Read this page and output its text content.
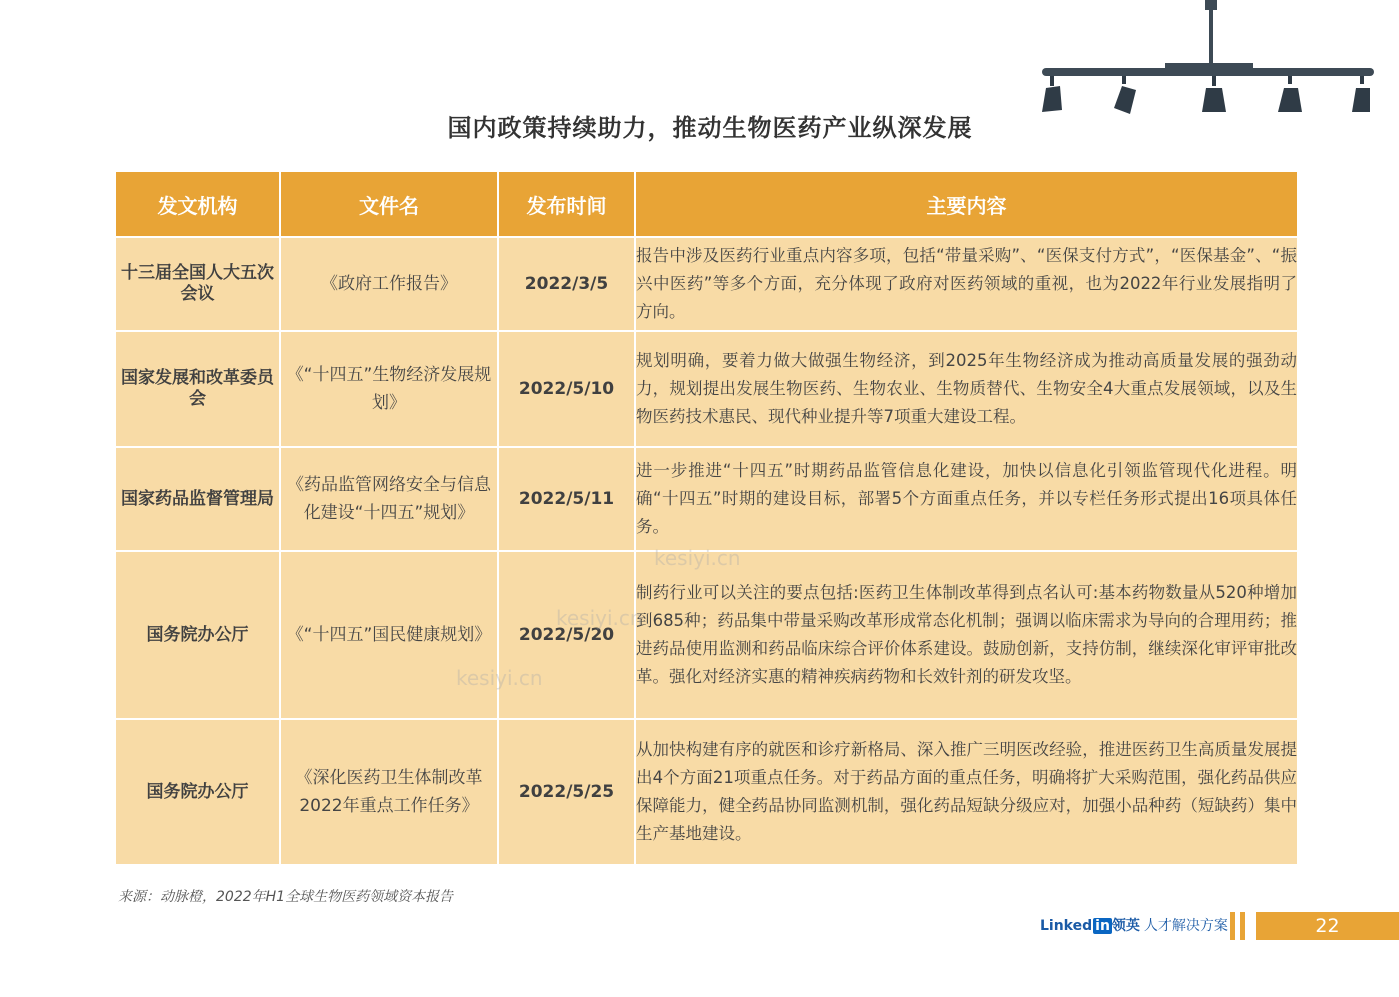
国内政策持续助力，推动生物医药产业纵深发展
发文机构	文件名	发布时间	主要内容
十三届全国人大五次会议	《政府工作报告》	2022/3/5	报告中涉及医药行业重点内容多项，包括“带量采购”、“医保支付方式”，“医保基金”、“振兴中医药”等多个方面，充分体现了政府对医药领域的重视，也为2022年行业发展指明了方向。
国家发展和改革委员会	《“十四五”生物经济发展规划》	2022/5/10	规划明确，要着力做大做强生物经济，到2025年生物经济成为推动高质量发展的强劲动力，规划提出发展生物医药、生物农业、生物质替代、生物安全4大重点发展领域，以及生物医药技术惠民、现代种业提升等7项重大建设工程。
国家药品监督管理局	《药品监管网络安全与信息化建设“十四五”规划》	2022/5/11	进一步推进“十四五”时期药品监管信息化建设，加快以信息化引领监管现代化进程。明确“十四五”时期的建设目标，部署5个方面重点任务，并以专栏任务形式提出16项具体任务。
国务院办公厅	《“十四五”国民健康规划》	2022/5/20	制药行业可以关注的要点包括:医药卫生体制改革得到点名认可:基本药物数量从520种增加到685种；药品集中带量采购改革形成常态化机制；强调以临床需求为导向的合理用药；推进药品使用监测和药品临床综合评价体系建设。鼓励创新，支持仿制，继续深化审评审批改革。强化对经济实惠的精神疾病药物和长效针剂的研发攻坚。
国务院办公厅	《深化医药卫生体制改革2022年重点工作任务》	2022/5/25	从加快构建有序的就医和诊疗新格局、深入推广三明医改经验，推进医药卫生高质量发展提出4个方面21项重点任务。对于药品方面的重点任务，明确将扩大采购范围，强化药品供应保障能力，健全药品协同监测机制，强化药品短缺分级应对，加强小品种药（短缺药）集中生产基地建设。
kesiyi.cn
kesiyi.cn
kesiyi.cn
来源：动脉橙，2022年H1全球生物医药领域资本报告
Linked in 领英 人才解决方案	22
